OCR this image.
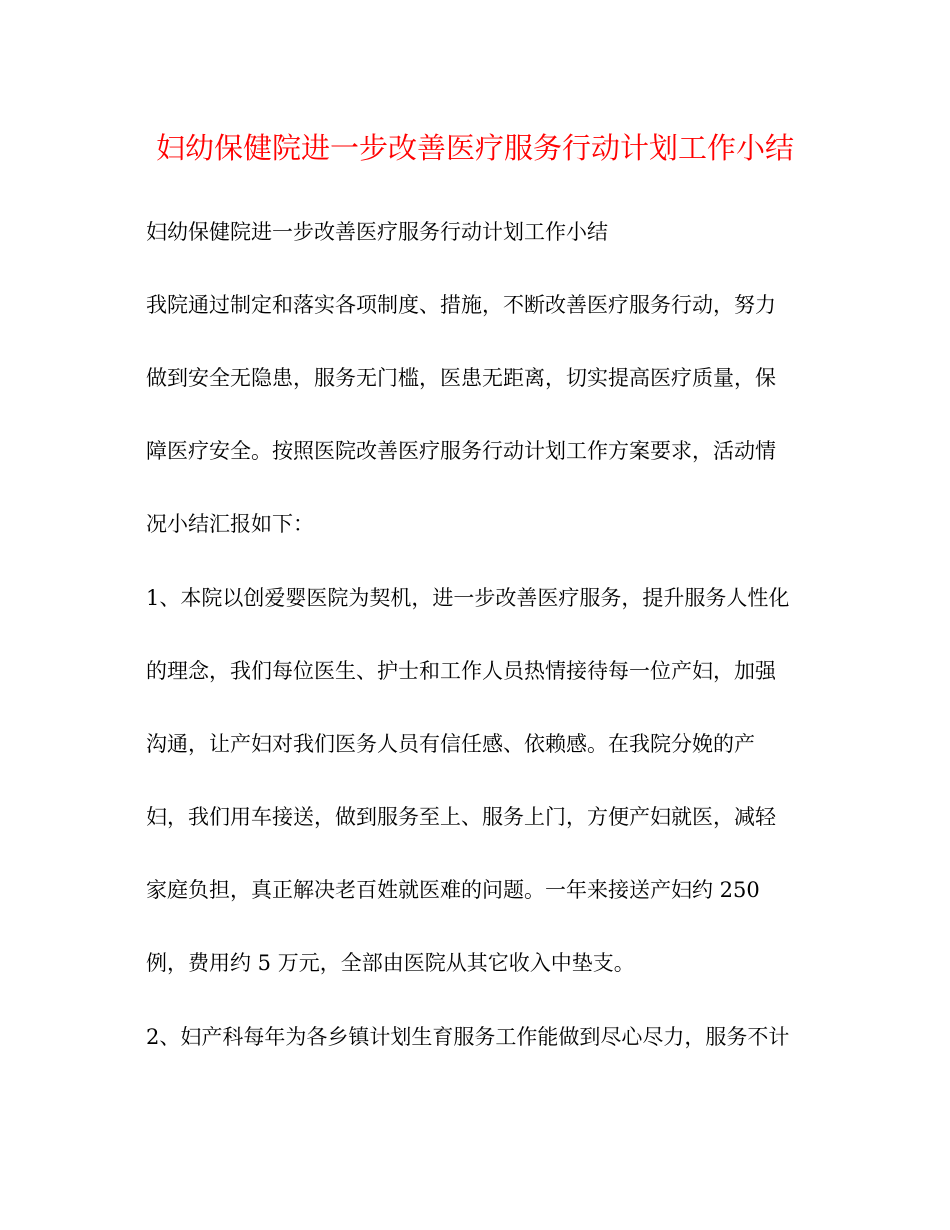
妇幼保健院进一步改善医疗服务行动计划工作小结
妇幼保健院进一步改善医疗服务行动计划工作小结
我院通过制定和落实各项制度、措施，不断改善医疗服务行动，努力
做到安全无隐患，服务无门槛，医患无距离，切实提高医疗质量，保
障医疗安全。按照医院改善医疗服务行动计划工作方案要求，活动情
况小结汇报如下：
1、本院以创爱婴医院为契机，进一步改善医疗服务，提升服务人性化
的理念，我们每位医生、护士和工作人员热情接待每一位产妇，加强
沟通，让产妇对我们医务人员有信任感、依赖感。在我院分娩的产
妇，我们用车接送，做到服务至上、服务上门，方便产妇就医，减轻
家庭负担，真正解决老百姓就医难的问题。一年来接送产妇约 250
例，费用约 5 万元，全部由医院从其它收入中垫支。
2、妇产科每年为各乡镇计划生育服务工作能做到尽心尽力，服务不计
